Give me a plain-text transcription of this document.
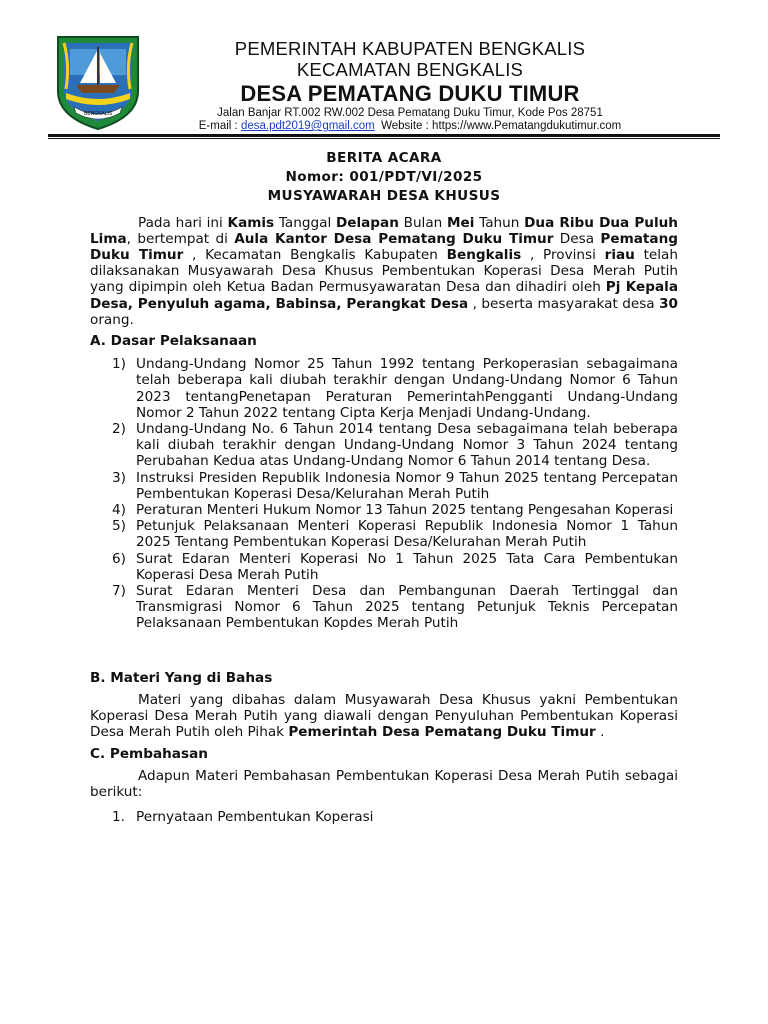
BENGKALIS
PEMERINTAH KABUPATEN BENGKALIS
KECAMATAN BENGKALIS
DESA PEMATANG DUKU TIMUR
Jalan Banjar RT.002 RW.002 Desa Pematang Duku Timur, Kode Pos 28751
E-mail : desa.pdt2019@gmail.com Website : https://www.Pematangdukutimur.com

BERITA ACARA

Nomor: 001/PDT/VI/2025

MUSYAWARAH DESA KHUSUS

Pada hari ini Kamis Tanggal Delapan Bulan Mei Tahun Dua Ribu Dua Puluh Lima, bertempat di Aula Kantor Desa Pematang Duku Timur Desa Pematang Duku Timur , Kecamatan Bengkalis Kabupaten Bengkalis , Provinsi riau telah dilaksanakan Musyawarah Desa Khusus Pembentukan Koperasi Desa Merah Putih yang dipimpin oleh Ketua Badan Permusyawaratan Desa dan dihadiri oleh Pj Kepala Desa, Penyuluh agama, Babinsa, Perangkat Desa , beserta masyarakat desa 30 orang.

A. Dasar Pelaksanaan

1) Undang-Undang Nomor 25 Tahun 1992 tentang Perkoperasian sebagaimana telah beberapa kali diubah terakhir dengan Undang-Undang Nomor 6 Tahun 2023 tentangPenetapan Peraturan PemerintahPengganti Undang-Undang Nomor 2 Tahun 2022 tentang Cipta Kerja Menjadi Undang-Undang.
2) Undang-Undang No. 6 Tahun 2014 tentang Desa sebagaimana telah beberapa kali diubah terakhir dengan Undang-Undang Nomor 3 Tahun 2024 tentang Perubahan Kedua atas Undang-Undang Nomor 6 Tahun 2014 tentang Desa.
3) Instruksi Presiden Republik Indonesia Nomor 9 Tahun 2025 tentang Percepatan Pembentukan Koperasi Desa/Kelurahan Merah Putih
4) Peraturan Menteri Hukum Nomor 13 Tahun 2025 tentang Pengesahan Koperasi
5) Petunjuk Pelaksanaan Menteri Koperasi Republik Indonesia Nomor 1 Tahun 2025 Tentang Pembentukan Koperasi Desa/Kelurahan Merah Putih
6) Surat Edaran Menteri Koperasi No 1 Tahun 2025 Tata Cara Pembentukan Koperasi Desa Merah Putih
7) Surat Edaran Menteri Desa dan Pembangunan Daerah Tertinggal dan Transmigrasi Nomor 6 Tahun 2025 tentang Petunjuk Teknis Percepatan Pelaksanaan Pembentukan Kopdes Merah Putih

B. Materi Yang di Bahas

Materi yang dibahas dalam Musyawarah Desa Khusus yakni Pembentukan Koperasi Desa Merah Putih yang diawali dengan Penyuluhan Pembentukan Koperasi Desa Merah Putih oleh Pihak Pemerintah Desa Pematang Duku Timur .

C. Pembahasan

Adapun Materi Pembahasan Pembentukan Koperasi Desa Merah Putih sebagai berikut:

1. Pernyataan Pembentukan Koperasi
